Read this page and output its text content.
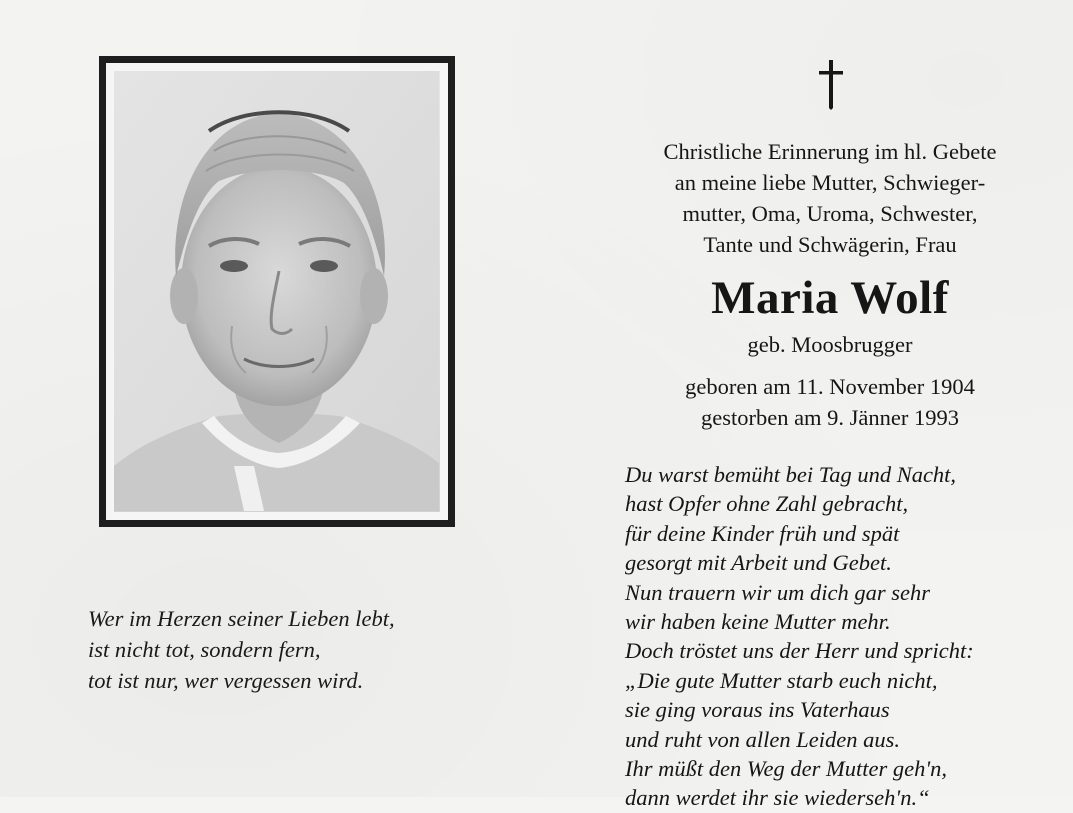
Wer im Herzen seiner Lieben lebt,
ist nicht tot, sondern fern,
tot ist nur, wer vergessen wird.
Christliche Erinnerung im hl. Gebete
an meine liebe Mutter, Schwieger-
mutter, Oma, Uroma, Schwester,
Tante und Schwägerin, Frau
Maria Wolf
geb. Moosbrugger
geboren am 11. November 1904
gestorben am 9. Jänner 1993
Du warst bemüht bei Tag und Nacht,
hast Opfer ohne Zahl gebracht,
für deine Kinder früh und spät
gesorgt mit Arbeit und Gebet.
Nun trauern wir um dich gar sehr
wir haben keine Mutter mehr.
Doch tröstet uns der Herr und spricht:
„Die gute Mutter starb euch nicht,
sie ging voraus ins Vaterhaus
und ruht von allen Leiden aus.
Ihr müßt den Weg der Mutter geh'n,
dann werdet ihr sie wiederseh'n.“
